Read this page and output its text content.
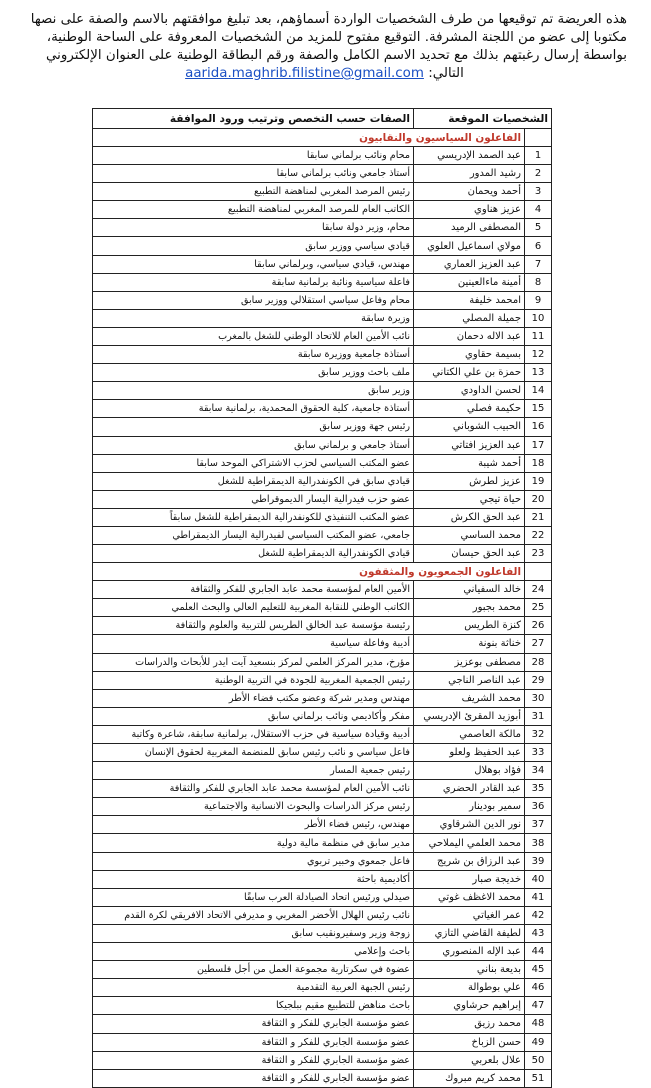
هذه العريضة تم توقيعها من طرف الشخصيات الواردة أسماؤهم، بعد تبليغ موافقتهم بالاسم والصفة على نصها
مكتوبا إلى عضو من اللجنة المشرفة. التوقيع مفتوح للمزيد من الشخصيات المعروفة على الساحة الوطنية،
بواسطة إرسال رغبتهم بذلك مع تحديد الاسم الكامل والصفة ورقم البطاقة الوطنية على العنوان الإلكتروني
التالي: aarida.maghrib.filistine@gmail.com
الشخصيات الموقعة		الصفات حسب التخصص وترتيب ورود الموافقة
	الفاعلون السياسيون والنقابيون	
1	عبد الصمد الإدريسي	محام ونائب برلماني سابقا
2	رشيد المدور	أستاذ جامعي ونائب برلماني سابقا
3	أحمد ويحمان	رئيس المرصد المغربي لمناهضة التطبيع
4	عزيز هناوي	الكاتب العام للمرصد المغربي لمناهضة التطبيع
5	المصطفى الرميد	محام، وزير دولة سابقا
6	مولاي اسماعيل العلوي	قيادي سياسي ووزير سابق
7	عبد العزيز العماري	مهندس، قيادي سياسي، وبرلماني سابقا
8	أمينة ماءالعينين	فاعلة سياسية ونائبة برلمانية سابقة
9	امحمد خليفة	محام وفاعل سياسي استقلالي ووزير سابق
10	جميلة المصلي	وزيرة سابقة
11	عبد الاله دحمان	نائب الأمين العام للاتحاد الوطني للشغل بالمغرب
12	بسيمة حقاوي	أستاذة جامعية ووزيرة سابقة
13	حمزة بن علي الكتاني	ملف باحث ووزير سابق
14	لحسن الداودي	وزير سابق
15	حكيمة فصلي	أستاذة جامعية، كلية الحقوق المحمدية، برلمانية سابقة
16	الحبيب الشوباني	رئيس جهة ووزير سابق
17	عبد العزيز افتاتي	أستاذ جامعي و برلماني سابق
18	أحمد شيبة	عضو المكتب السياسي لحزب الاشتراكي الموحد سابقا
19	عزيز لطرش	قيادي سابق في الكونفدرالية الديمقراطية للشغل
20	حياة تيجي	عضو حزب فيدرالية اليسار الديموقراطي
21	عبد الحق الكرش	عضو المكتب التنفيذي للكونفدرالية الديمقراطية للشغل سابقاً
22	محمد الساسي	جامعي، عضو المكتب السياسي لفيدرالية اليسار الديمقراطي
23	عبد الحق حيسان	قيادي الكونفدرالية الديمقراطية للشغل
	الفاعلون الجمعويون والمثقفون	
24	خالد السفياني	الأمين العام لمؤسسة محمد عابد الجابري للفكر والثقافة
25	محمد بجبور	الكاتب الوطني للنقابة المغربية للتعليم العالي والبحث العلمي
26	كنزة الطريس	رئيسة مؤسسة عبد الخالق الطريس للتربية والعلوم والثقافة
27	خناثة بنونة	أديبة وفاعلة سياسية
28	مصطفى بوعزيز	مؤرخ، مدير المركز العلمي لمركز بنسعيد آيت ايدر للأبحاث والدراسات
29	عبد الناصر الناجي	رئيس الجمعية المغربية للجودة في التربية الوطنية
30	محمد الشريف	مهندس ومدير شركة وعضو مكتب فضاء الأطر
31	أبوزيد المقرئ الإدريسي	مفكر وأكاديمي ونائب برلماني سابق
32	مالكة العاصمي	أديبة وقيادة سياسية في حزب الاستقلال، برلمانية سابقة، شاعرة وكاتبة
33	عبد الحفيظ ولعلو	فاعل سياسي و نائب رئيس سابق للمنضمة المغربية لحقوق الإنسان
34	فؤاد بوهلال	رئيس جمعية المسار
35	عبد القادر الحضري	نائب الأمين العام لمؤسسة محمد عابد الجابري للفكر والثقافة
36	سمير بودينار	رئيس مركز الدراسات والبحوث الانسانية والاجتماعية
37	نور الدين الشرقاوي	مهندس، رئيس فضاء الأطر
38	محمد العلمي اليملاحي	مدير سابق في منظمة مالية دولية
39	عبد الرزاق بن شريج	فاعل جمعوي وخبير تربوي
40	خديجة صبار	أكاديمية باحثة
41	محمد الاغظف غوتي	صيدلي ورئيس اتحاد الصيادلة العرب سابقًا
42	عمر الغياتي	نائب رئيس الهلال الأخضر المغربي و مديرفي الاتحاد الافريقي لكرة القدم
43	لطيفة القاضي التازي	زوجة وزير وسفيرونقيب سابق
44	عبد الإله المنصوري	باحث وإعلامي
45	بديعة بناني	عضوة في سكرتارية مجموعة العمل من أجل فلسطين
46	علي بوطوالة	رئيس الجبهة العربية التقدمية
47	إبراهيم حرشاوي	باحث مناهض للتطبيع مقيم ببلجيكا
48	محمد رزيق	عضو مؤسسة الجابري للفكر و الثقافة
49	حسن الزباخ	عضو مؤسسة الجابري للفكر و الثقافة
50	علال بلعربي	عضو مؤسسة الجابري للفكر و الثقافة
51	محمد كريم مبروك	عضو مؤسسة الجابري للفكر و الثقافة
